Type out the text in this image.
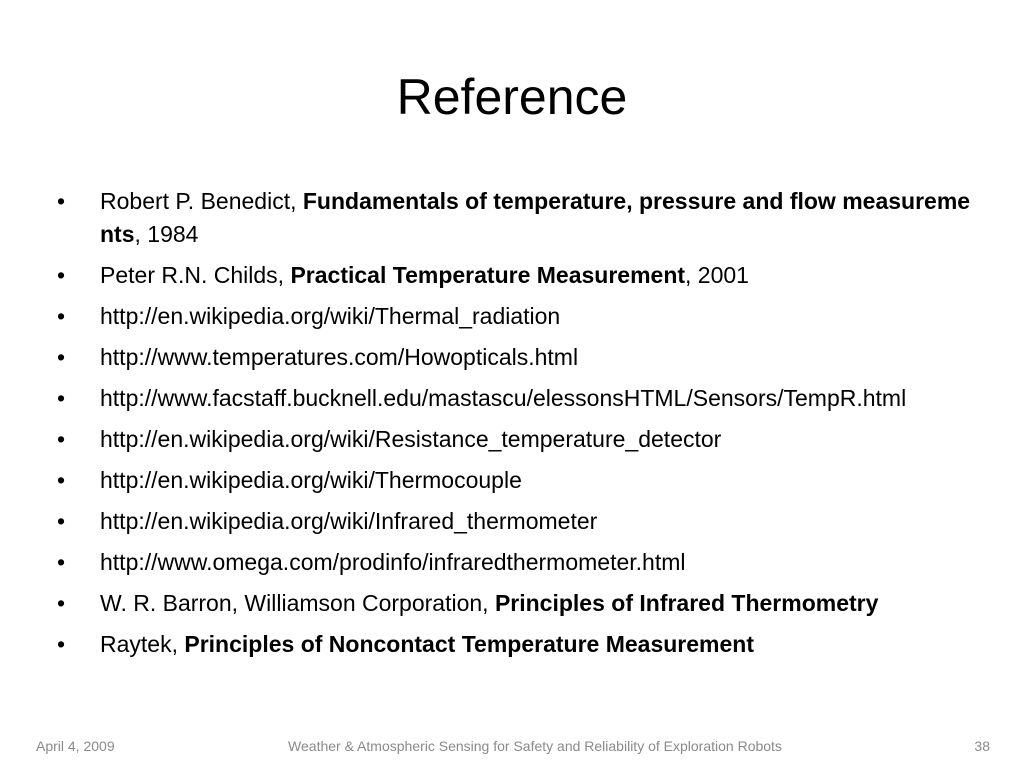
Reference
• Robert P. Benedict, Fundamentals of temperature, pressure and flow measurements, 1984
• Peter R.N. Childs, Practical Temperature Measurement, 2001
• http://en.wikipedia.org/wiki/Thermal_radiation
• http://www.temperatures.com/Howopticals.html
• http://www.facstaff.bucknell.edu/mastascu/elessonsHTML/Sensors/TempR.html
• http://en.wikipedia.org/wiki/Resistance_temperature_detector
• http://en.wikipedia.org/wiki/Thermocouple
• http://en.wikipedia.org/wiki/Infrared_thermometer
• http://www.omega.com/prodinfo/infraredthermometer.html
• W. R. Barron, Williamson Corporation, Principles of Infrared Thermometry
• Raytek, Principles of Noncontact Temperature Measurement
April 4, 2009	Weather & Atmospheric Sensing for Safety and Reliability of Exploration Robots	38
